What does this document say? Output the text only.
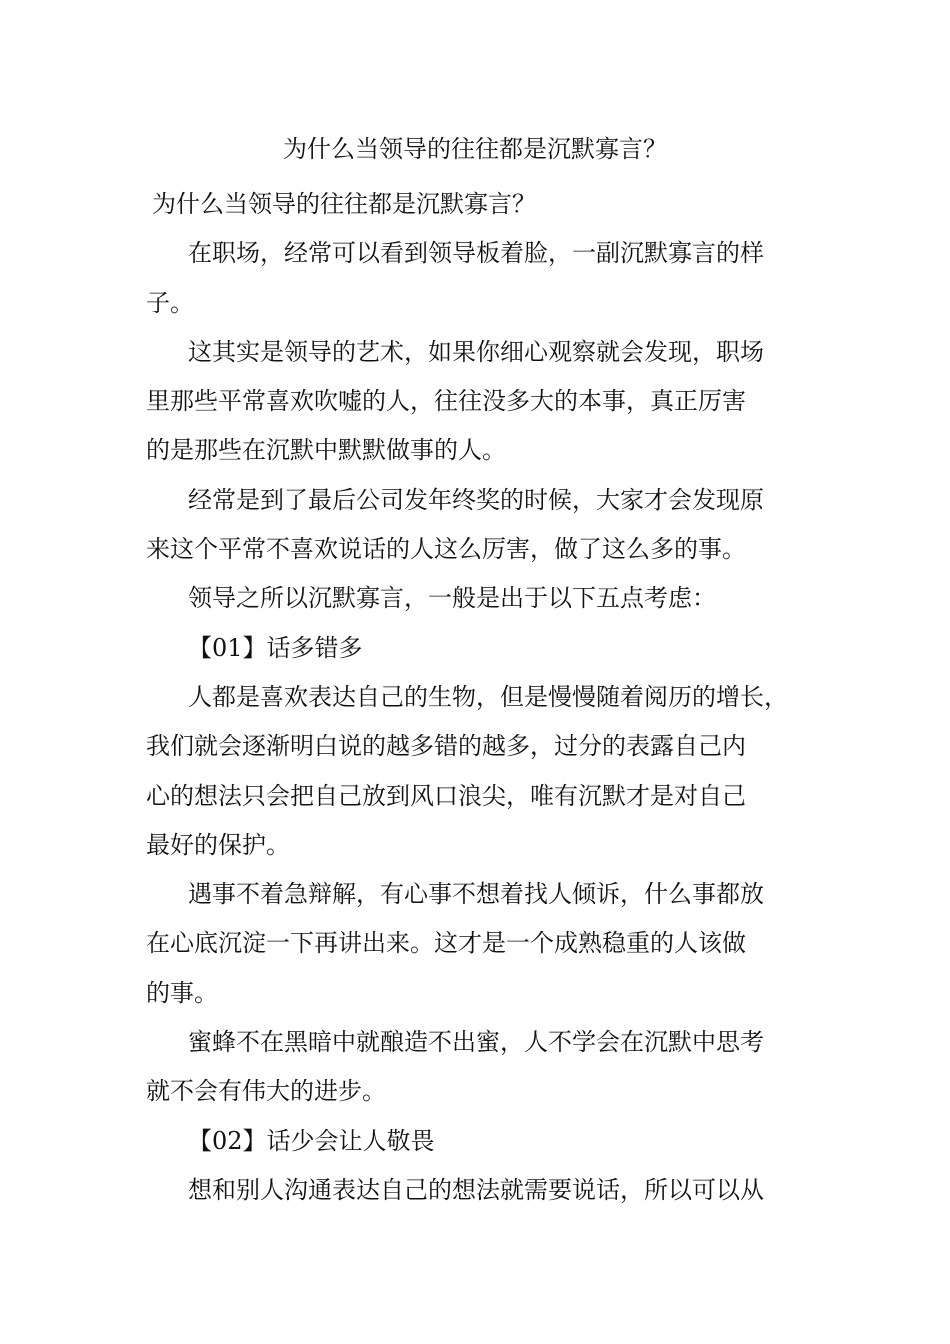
为什么当领导的往往都是沉默寡言？
为什么当领导的往往都是沉默寡言？
在职场，经常可以看到领导板着脸，一副沉默寡言的样
子。
这其实是领导的艺术，如果你细心观察就会发现，职场
里那些平常喜欢吹嘘的人，往往没多大的本事，真正厉害
的是那些在沉默中默默做事的人。
经常是到了最后公司发年终奖的时候，大家才会发现原
来这个平常不喜欢说话的人这么厉害，做了这么多的事。
领导之所以沉默寡言，一般是出于以下五点考虑：
【01】话多错多
人都是喜欢表达自己的生物，但是慢慢随着阅历的增长，
我们就会逐渐明白说的越多错的越多，过分的表露自己内
心的想法只会把自己放到风口浪尖，唯有沉默才是对自己
最好的保护。
遇事不着急辩解，有心事不想着找人倾诉，什么事都放
在心底沉淀一下再讲出来。这才是一个成熟稳重的人该做
的事。
蜜蜂不在黑暗中就酿造不出蜜，人不学会在沉默中思考
就不会有伟大的进步。
【02】话少会让人敬畏
想和别人沟通表达自己的想法就需要说话，所以可以从
